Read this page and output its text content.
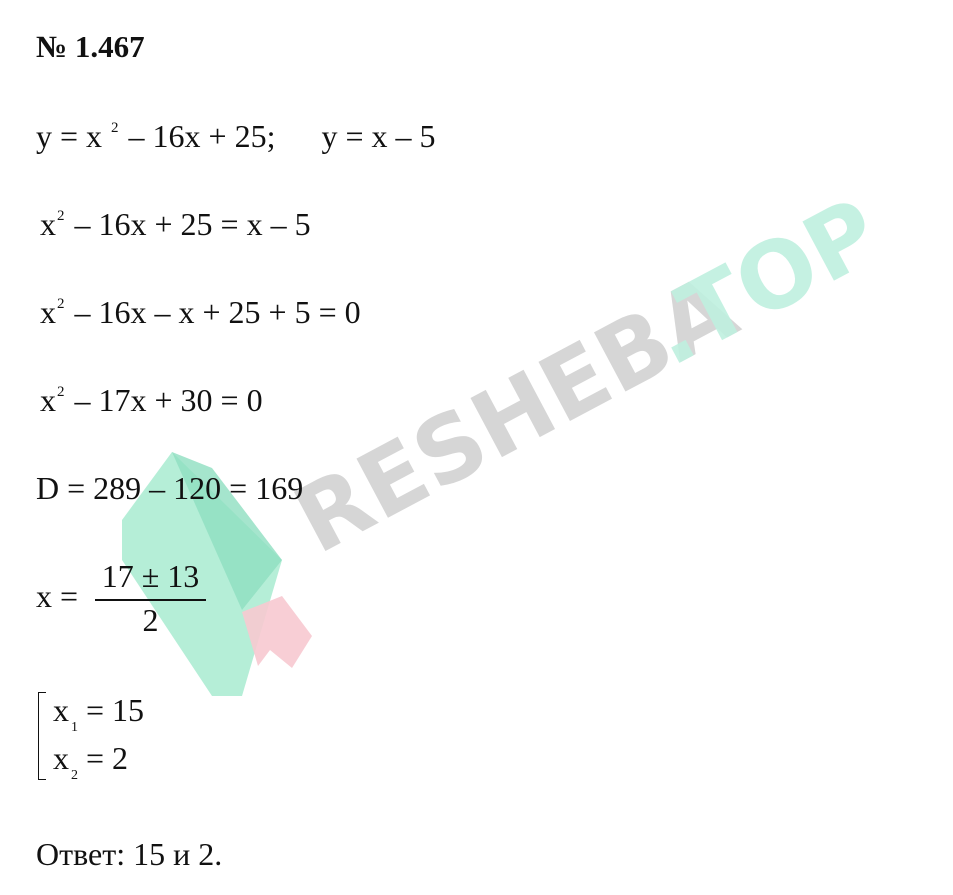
RESHEBA
.TOP
№ 1.467
y = x $^2$ – 16x + 25; y = x – 5
$x^2 - 16x + 25 = x - 5$
$x^2 - 16x - x + 25 + 5 = 0$
$x^2 - 17x + 30 = 0$
D = 289 – 120 = 169
x =
17 ± 13
2
x $_1$ = 15
x $_2$ = 2
Ответ: 15 и 2.
